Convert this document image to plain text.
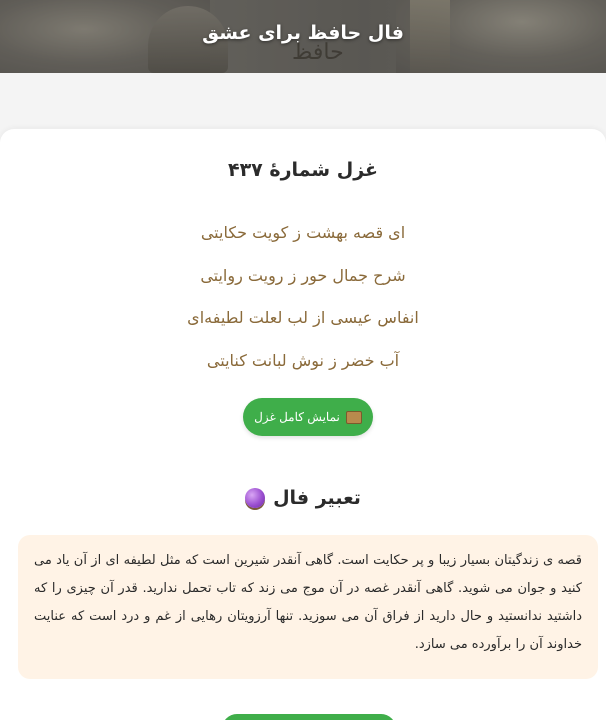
حافظ
فال حافظ برای عشق
غزل شمارهٔ ۴۳۷
ای قصه بهشت ز کویت حکایتی
شرح جمال حور ز رویت روایتی
انفاس عیسی از لب لعلت لطیفه‌ای
آب خضر ز نوش لبانت کنایتی
نمایش کامل غزل
تعبیر فال

قصه ی زندگیتان بسیار زیبا و پر حکایت است. گاهی آنقدر شیرین است که مثل لطیفه ای از آن یاد می کنید و جوان می شوید. گاهی آنقدر غصه در آن موج می زند که تاب تحمل ندارید. قدر آن چیزی را که داشتید ندانستید و حال دارید از فراق آن می سوزید. تنها آرزویتان رهایی از غم و درد است که عنایت خداوند آن را برآورده می سازد.
